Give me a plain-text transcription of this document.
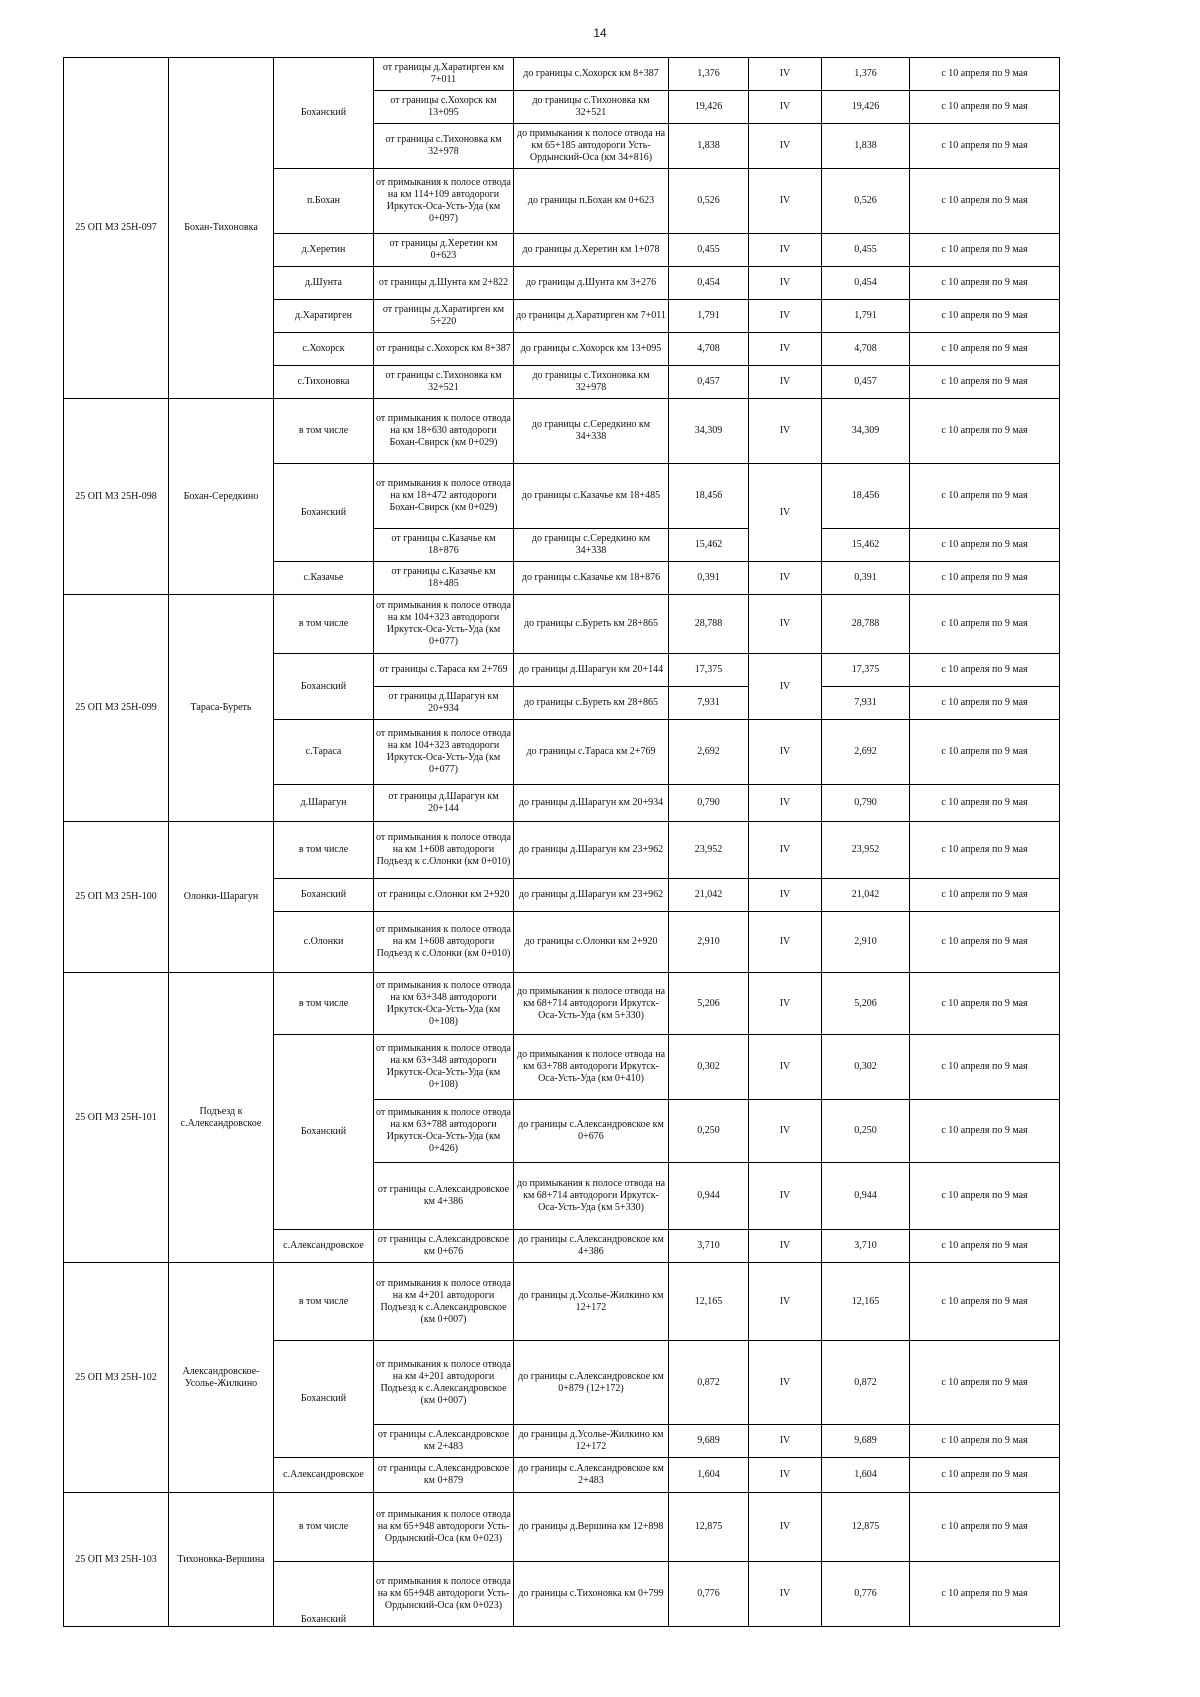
14
25 ОП МЗ 25Н-097	Бохан-Тихоновка	Боханский	от границы д.Харатирген км 7+011	до границы с.Хохорск км 8+387	1,376	IV	1,376	с 10 апреля по 9 мая
			от границы с.Хохорск км 13+095	до границы с.Тихоновка км 32+521	19,426	IV	19,426	с 10 апреля по 9 мая
			от границы с.Тихоновка км 32+978	до примыкания к полосе отвода на км 65+185 автодороги Усть-Ордынский-Оса (км 34+816)	1,838	IV	1,838	с 10 апреля по 9 мая
		п.Бохан	от примыкания к полосе отвода на км 114+109 автодороги Иркутск-Оса-Усть-Уда (км 0+097)	до границы п.Бохан км 0+623	0,526	IV	0,526	с 10 апреля по 9 мая
		д.Херетин	от границы д.Херетин км 0+623	до границы д.Херетин км 1+078	0,455	IV	0,455	с 10 апреля по 9 мая
		д.Шунта	от границы д.Шунта км 2+822	до границы д.Шунта км 3+276	0,454	IV	0,454	с 10 апреля по 9 мая
		д.Харатирген	от границы д.Харатирген км 5+220	до границы д.Харатирген км 7+011	1,791	IV	1,791	с 10 апреля по 9 мая
		с.Хохорск	от границы с.Хохорск км 8+387	до границы с.Хохорск км 13+095	4,708	IV	4,708	с 10 апреля по 9 мая
		с.Тихоновка	от границы с.Тихоновка км 32+521	до границы с.Тихоновка км 32+978	0,457	IV	0,457	с 10 апреля по 9 мая
25 ОП МЗ 25Н-098	Бохан-Середкино	в том числе	от примыкания к полосе отвода на км 18+630 автодороги Бохан-Свирск (км 0+029)	до границы с.Середкино км 34+338	34,309	IV	34,309	с 10 апреля по 9 мая
		Боханский	от примыкания к полосе отвода на км 18+472 автодороги Бохан-Свирск (км 0+029)	до границы с.Казачье км 18+485	18,456	IV	18,456	с 10 апреля по 9 мая
			от границы с.Казачье км 18+876	до границы с.Середкино км 34+338	15,462		15,462	с 10 апреля по 9 мая
		с.Казачье	от границы с.Казачье км 18+485	до границы с.Казачье км 18+876	0,391	IV	0,391	с 10 апреля по 9 мая
25 ОП МЗ 25Н-099	Тараса-Буреть	в том числе	от примыкания к полосе отвода на км 104+323 автодороги Иркутск-Оса-Усть-Уда (км 0+077)	до границы с.Буреть км 28+865	28,788	IV	28,788	с 10 апреля по 9 мая
		Боханский	от границы с.Тараса км 2+769	до границы д.Шарагун км 20+144	17,375	IV	17,375	с 10 апреля по 9 мая
			от границы д.Шарагун км 20+934	до границы с.Буреть км 28+865	7,931		7,931	с 10 апреля по 9 мая
		с.Тараса	от примыкания к полосе отвода на км 104+323 автодороги Иркутск-Оса-Усть-Уда (км 0+077)	до границы с.Тараса км 2+769	2,692	IV	2,692	с 10 апреля по 9 мая
		д.Шарагун	от границы д.Шарагун км 20+144	до границы д.Шарагун км 20+934	0,790	IV	0,790	с 10 апреля по 9 мая
25 ОП МЗ 25Н-100	Олонки-Шарагун	в том числе	от примыкания к полосе отвода на км 1+608 автодороги Подъезд к с.Олонки (км 0+010)	до границы д.Шарагун км 23+962	23,952	IV	23,952	с 10 апреля по 9 мая
		Боханский	от границы с.Олонки км 2+920	до границы д.Шарагун км 23+962	21,042	IV	21,042	с 10 апреля по 9 мая
		с.Олонки	от примыкания к полосе отвода на км 1+608 автодороги Подъезд к с.Олонки (км 0+010)	до границы с.Олонки км 2+920	2,910	IV	2,910	с 10 апреля по 9 мая
25 ОП МЗ 25Н-101	Подъезд к с.Александровское	в том числе	от примыкания к полосе отвода на км 63+348 автодороги Иркутск-Оса-Усть-Уда (км 0+108)	до примыкания к полосе отвода на км 68+714 автодороги Иркутск-Оса-Усть-Уда (км 5+330)	5,206	IV	5,206	с 10 апреля по 9 мая
		Боханский	от примыкания к полосе отвода на км 63+348 автодороги Иркутск-Оса-Усть-Уда (км 0+108)	до примыкания к полосе отвода на км 63+788 автодороги Иркутск-Оса-Усть-Уда (км 0+410)	0,302	IV	0,302	с 10 апреля по 9 мая
			от примыкания к полосе отвода на км 63+788 автодороги Иркутск-Оса-Усть-Уда (км 0+426)	до границы с.Александровское км 0+676	0,250	IV	0,250	с 10 апреля по 9 мая
			от границы с.Александровское км 4+386	до примыкания к полосе отвода на км 68+714 автодороги Иркутск-Оса-Усть-Уда (км 5+330)	0,944	IV	0,944	с 10 апреля по 9 мая
		с.Александровское	от границы с.Александровское км 0+676	до границы с.Александровское км 4+386	3,710	IV	3,710	с 10 апреля по 9 мая
25 ОП МЗ 25Н-102	Александровское-Усолье-Жилкино	в том числе	от примыкания к полосе отвода на км 4+201 автодороги Подъезд к с.Александровское (км 0+007)	до границы д.Усолье-Жилкино км 12+172	12,165	IV	12,165	с 10 апреля по 9 мая
		Боханский	от примыкания к полосе отвода на км 4+201 автодороги Подъезд к с.Александровское (км 0+007)	до границы с.Александровское км 0+879 (12+172)	0,872	IV	0,872	с 10 апреля по 9 мая
			от границы с.Александровское км 2+483	до границы д.Усолье-Жилкино км 12+172	9,689	IV	9,689	с 10 апреля по 9 мая
		с.Александровское	от границы с.Александровское км 0+879	до границы с.Александровское км 2+483	1,604	IV	1,604	с 10 апреля по 9 мая
25 ОП МЗ 25Н-103	Тихоновка-Вершина	в том числе	от примыкания к полосе отвода на км 65+948 автодороги Усть-Ордынский-Оса (км 0+023)	до границы д.Вершина км 12+898	12,875	IV	12,875	с 10 апреля по 9 мая
		Боханский	от примыкания к полосе отвода на км 65+948 автодороги Усть-Ордынский-Оса (км 0+023)	до границы с.Тихоновка км 0+799	0,776	IV	0,776	с 10 апреля по 9 мая
